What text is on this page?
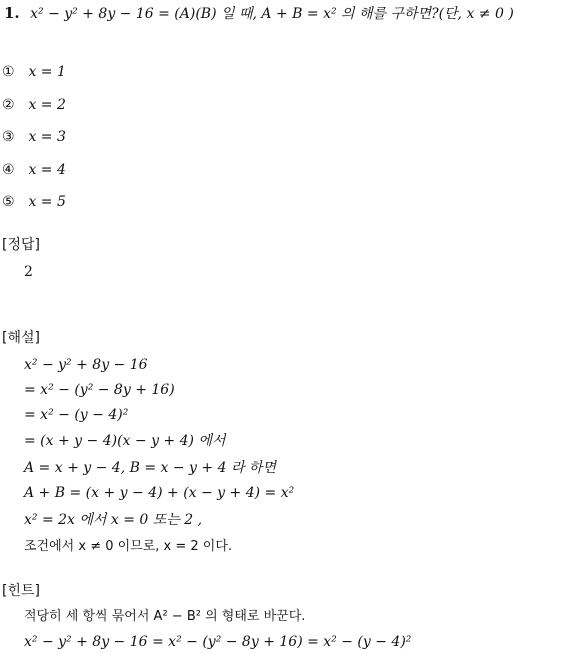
1. x² − y² + 8y − 16 = (A)(B) 일 때, A + B = x² 의 해를 구하면?(단, x ≠ 0 )
① x = 1
② x = 2
③ x = 3
④ x = 4
⑤ x = 5
[정답]
2
[해설]
x² − y² + 8y − 16
= x² − (y² − 8y + 16)
= x² − (y − 4)²
= (x + y − 4)(x − y + 4) 에서
A = x + y − 4, B = x − y + 4 라 하면
A + B = (x + y − 4) + (x − y + 4) = x²
x² = 2x 에서 x = 0 또는 2 ,
조건에서 x ≠ 0 이므로, x = 2 이다.
[힌트]
적당히 세 항씩 묶어서 A² − B² 의 형태로 바꾼다.
x² − y² + 8y − 16 = x² − (y² − 8y + 16) = x² − (y − 4)²
